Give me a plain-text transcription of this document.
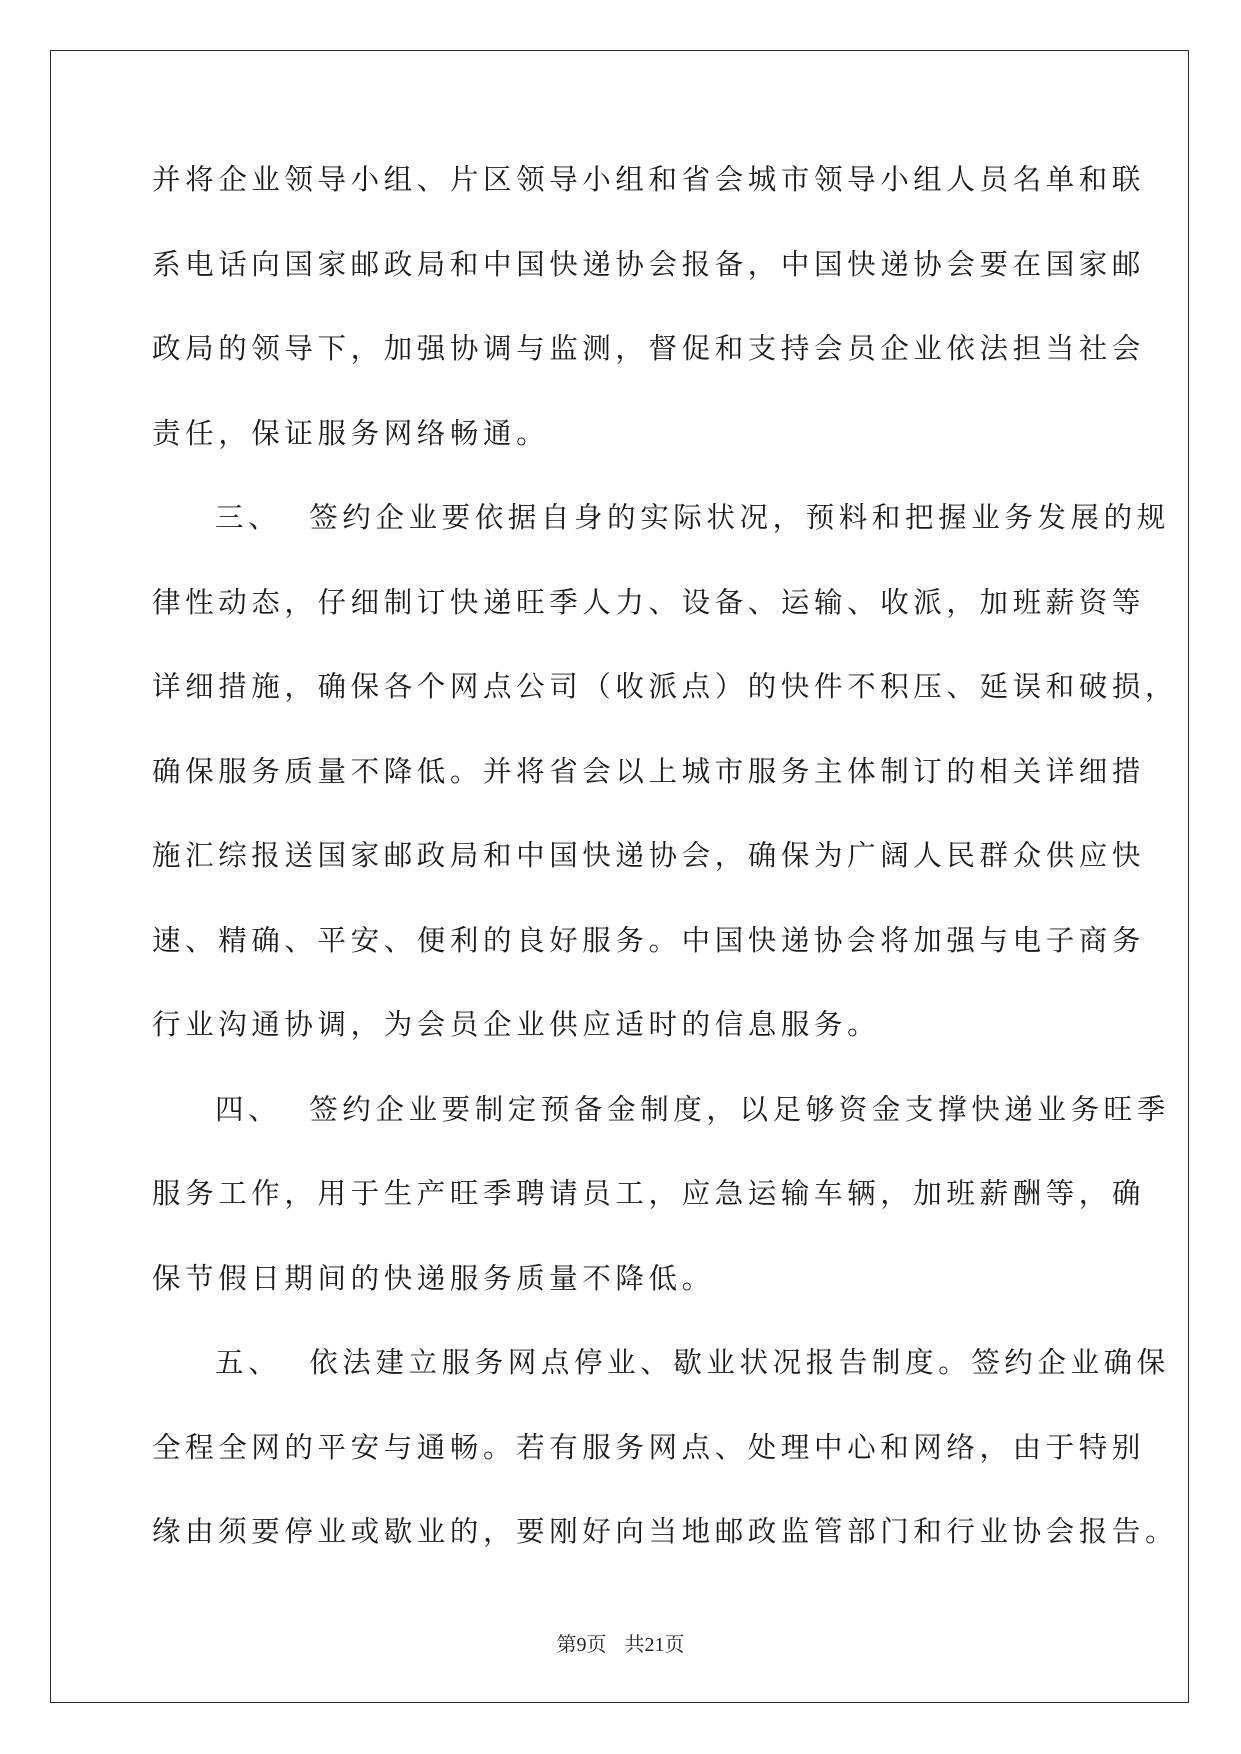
并将企业领导小组、片区领导小组和省会城市领导小组人员名单和联
系电话向国家邮政局和中国快递协会报备，中国快递协会要在国家邮
政局的领导下，加强协调与监测，督促和支持会员企业依法担当社会
责任，保证服务网络畅通。
三、 签约企业要依据自身的实际状况，预料和把握业务发展的规
律性动态，仔细制订快递旺季人力、设备、运输、收派，加班薪资等
详细措施，确保各个网点公司（收派点）的快件不积压、延误和破损，
确保服务质量不降低。并将省会以上城市服务主体制订的相关详细措
施汇综报送国家邮政局和中国快递协会，确保为广阔人民群众供应快
速、精确、平安、便利的良好服务。中国快递协会将加强与电子商务
行业沟通协调，为会员企业供应适时的信息服务。
四、 签约企业要制定预备金制度，以足够资金支撑快递业务旺季
服务工作，用于生产旺季聘请员工，应急运输车辆，加班薪酬等，确
保节假日期间的快递服务质量不降低。
五、 依法建立服务网点停业、歇业状况报告制度。签约企业确保
全程全网的平安与通畅。若有服务网点、处理中心和网络，由于特别
缘由须要停业或歇业的，要刚好向当地邮政监管部门和行业协会报告。
第9页 共21页
